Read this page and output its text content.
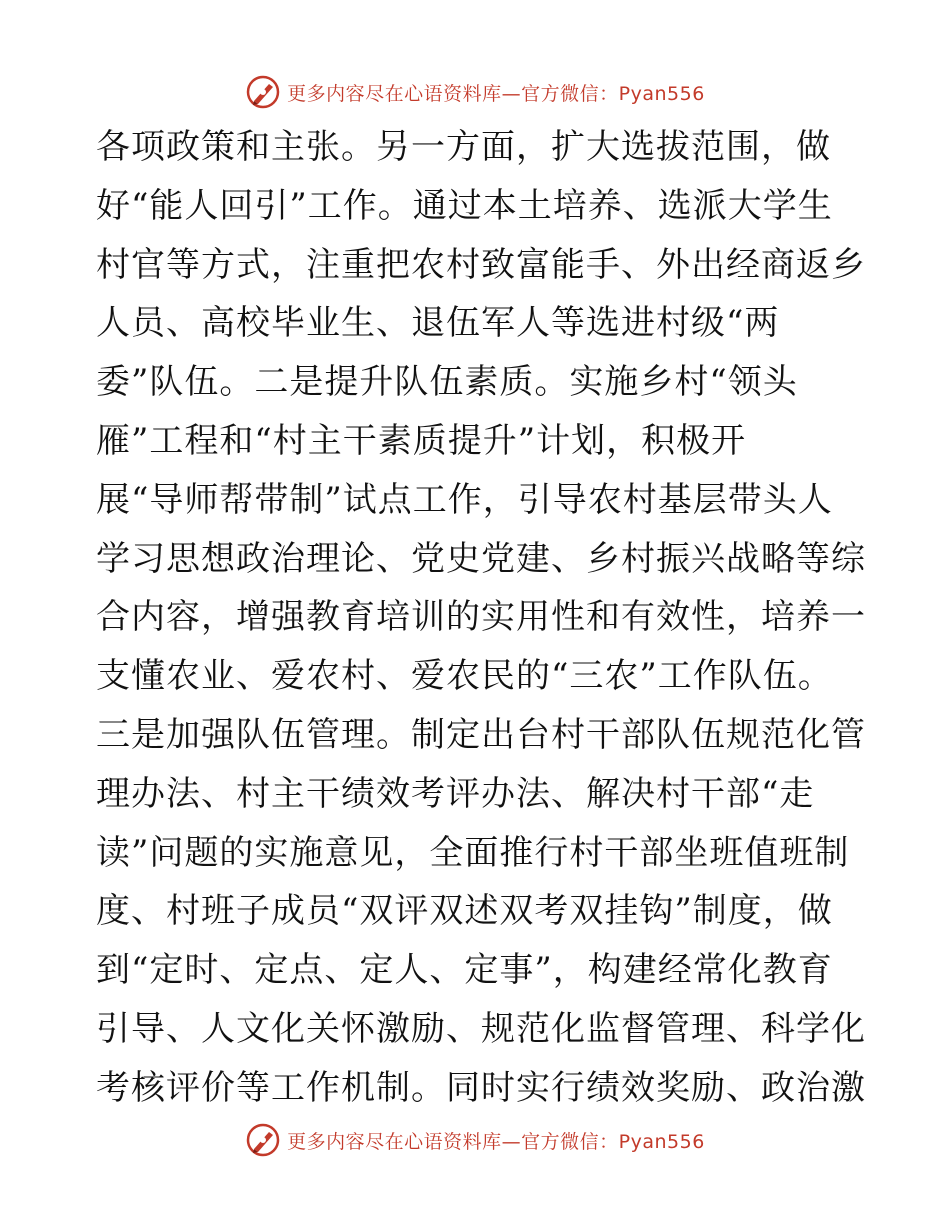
更多内容尽在心语资料库—官方微信：Pyan556
各项政策和主张。另一方面，扩大选拔范围，做
好“能人回引”工作。通过本土培养、选派大学生
村官等方式，注重把农村致富能手、外出经商返乡
人员、高校毕业生、退伍军人等选进村级“两
委”队伍。二是提升队伍素质。实施乡村“领头
雁”工程和“村主干素质提升”计划，积极开
展“导师帮带制”试点工作，引导农村基层带头人
学习思想政治理论、党史党建、乡村振兴战略等综
合内容，增强教育培训的实用性和有效性，培养一
支懂农业、爱农村、爱农民的“三农”工作队伍。
三是加强队伍管理。制定出台村干部队伍规范化管
理办法、村主干绩效考评办法、解决村干部“走
读”问题的实施意见，全面推行村干部坐班值班制
度、村班子成员“双评双述双考双挂钩”制度，做
到“定时、定点、定人、定事”，构建经常化教育
引导、人文化关怀激励、规范化监督管理、科学化
考核评价等工作机制。同时实行绩效奖励、政治激
更多内容尽在心语资料库—官方微信：Pyan556
